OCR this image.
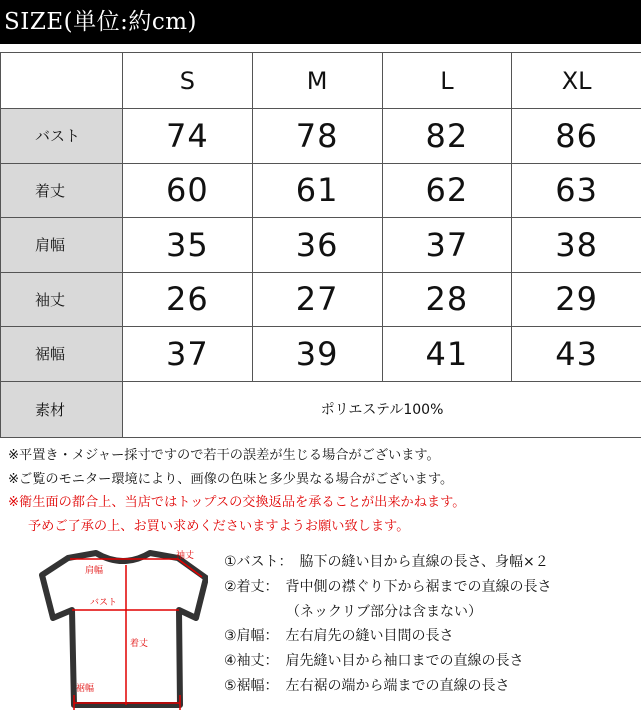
SIZE(単位:約cm)
	S	M	L	XL
バスト	74	78	82	86
着丈	60	61	62	63
肩幅	35	36	37	38
袖丈	26	27	28	29
裾幅	37	39	41	43
素材	ポリエステル100%			
※平置き・メジャー採寸ですので若干の誤差が生じる場合がございます。
※ご覧のモニター環境により、画像の色味と多少異なる場合がございます。
※衛生面の都合上、当店ではトップスの交換返品を承ることが出来かねます。
予めご了承の上、お買い求めくださいますようお願い致します。
袖丈
肩幅
バスト
着丈
裾幅
①バスト：　脇下の縫い目から直線の長さ、身幅×２
②着丈：　背中側の襟ぐり下から裾までの直線の長さ
（ネックリブ部分は含まない）
③肩幅：　左右肩先の縫い目間の長さ
④袖丈：　肩先縫い目から袖口までの直線の長さ
⑤裾幅：　左右裾の端から端までの直線の長さ
